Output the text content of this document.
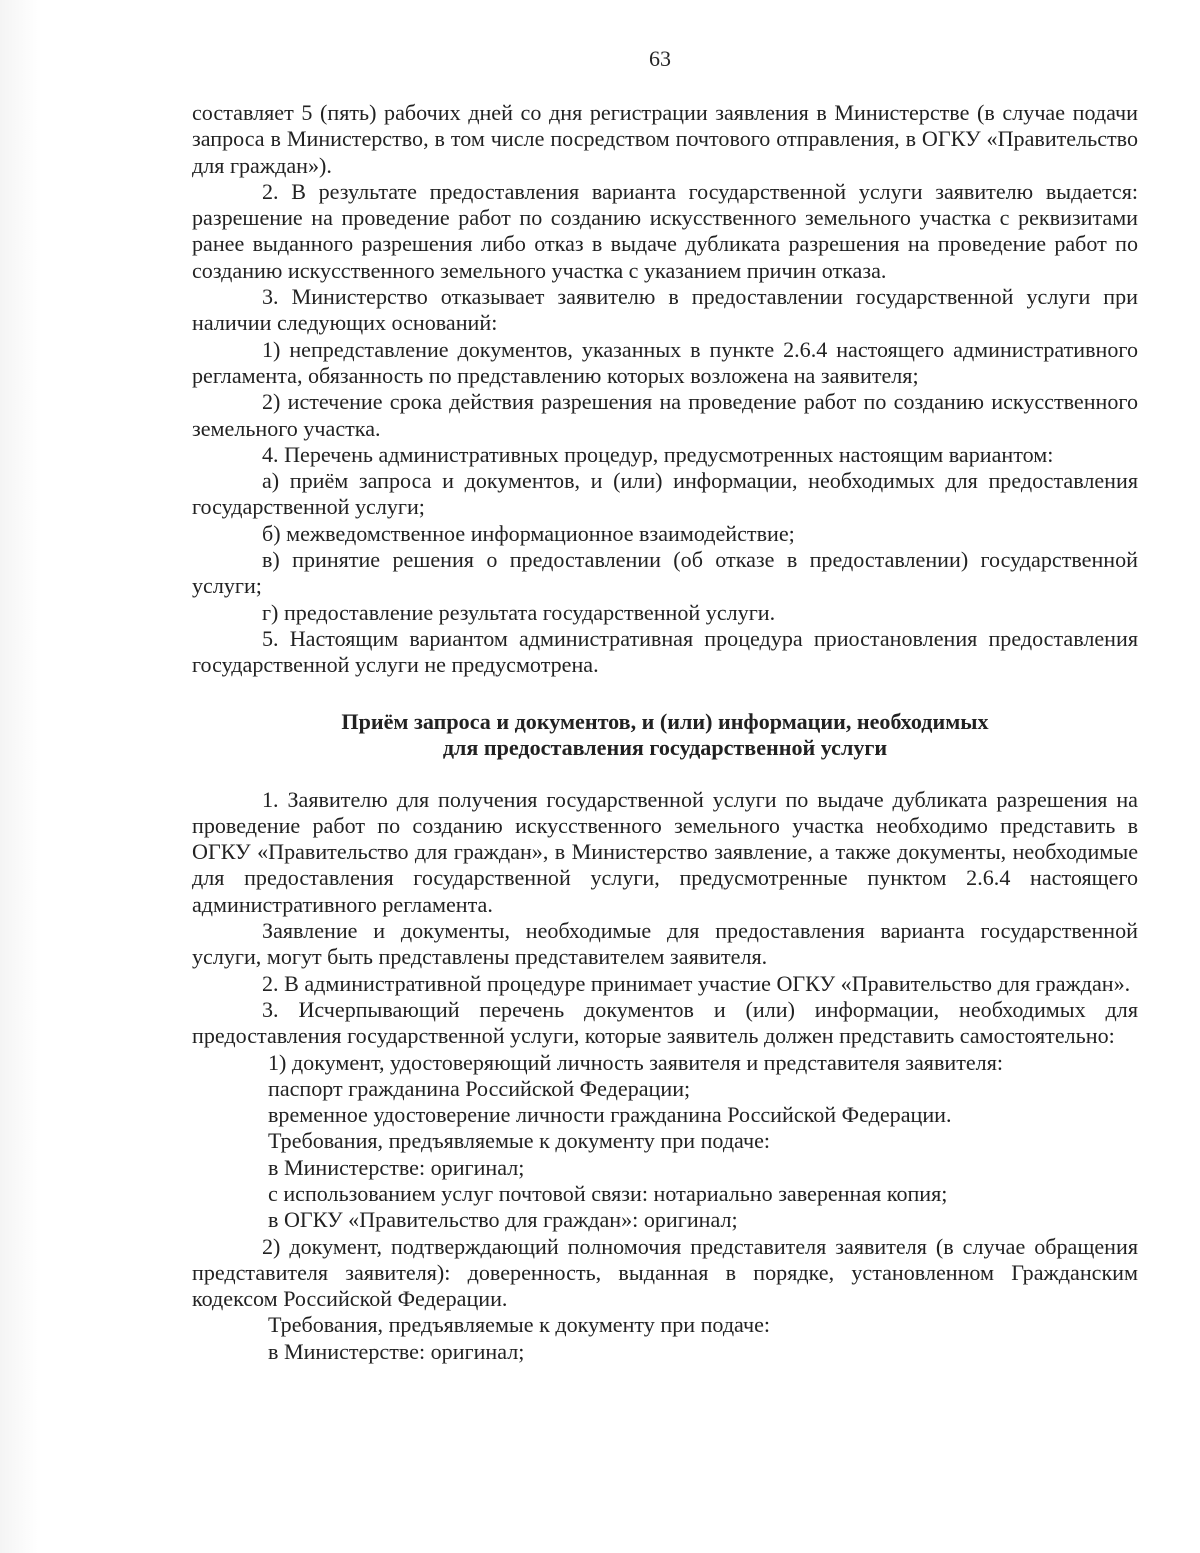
63

составляет 5 (пять) рабочих дней со дня регистрации заявления в Министерстве (в случае подачи запроса в Министерство, в том числе посредством почтового отправления, в ОГКУ «Правительство для граждан»).

2. В результате предоставления варианта государственной услуги заявителю выдается: разрешение на проведение работ по созданию искусственного земельного участка с реквизитами ранее выданного разрешения либо отказ в выдаче дубликата разрешения на проведение работ по созданию искусственного земельного участка с указанием причин отказа.

3. Министерство отказывает заявителю в предоставлении государственной услуги при наличии следующих оснований:

1) непредставление документов, указанных в пункте 2.6.4 настоящего административного регламента, обязанность по представлению которых возложена на заявителя;

2) истечение срока действия разрешения на проведение работ по созданию искусственного земельного участка.

4. Перечень административных процедур, предусмотренных настоящим вариантом:

а) приём запроса и документов, и (или) информации, необходимых для предоставления государственной услуги;

б) межведомственное информационное взаимодействие;

в) принятие решения о предоставлении (об отказе в предоставлении) государственной услуги;

г) предоставление результата государственной услуги.

5. Настоящим вариантом административная процедура приостановления предоставления государственной услуги не предусмотрена.

Приём запроса и документов, и (или) информации, необходимых
для предоставления государственной услуги

1. Заявителю для получения государственной услуги по выдаче дубликата разрешения на проведение работ по созданию искусственного земельного участка необходимо представить в ОГКУ «Правительство для граждан», в Министерство заявление, а также документы, необходимые для предоставления государственной услуги, предусмотренные пунктом 2.6.4 настоящего административного регламента.

Заявление и документы, необходимые для предоставления варианта государственной услуги, могут быть представлены представителем заявителя.

2. В административной процедуре принимает участие ОГКУ «Правительство для граждан».

3. Исчерпывающий перечень документов и (или) информации, необходимых для предоставления государственной услуги, которые заявитель должен представить самостоятельно:

1) документ, удостоверяющий личность заявителя и представителя заявителя:

паспорт гражданина Российской Федерации;

временное удостоверение личности гражданина Российской Федерации.

Требования, предъявляемые к документу при подаче:

в Министерстве: оригинал;

с использованием услуг почтовой связи: нотариально заверенная копия;

в ОГКУ «Правительство для граждан»: оригинал;

2) документ, подтверждающий полномочия представителя заявителя (в случае обращения представителя заявителя): доверенность, выданная в порядке, установленном Гражданским кодексом Российской Федерации.

Требования, предъявляемые к документу при подаче:

в Министерстве: оригинал;
